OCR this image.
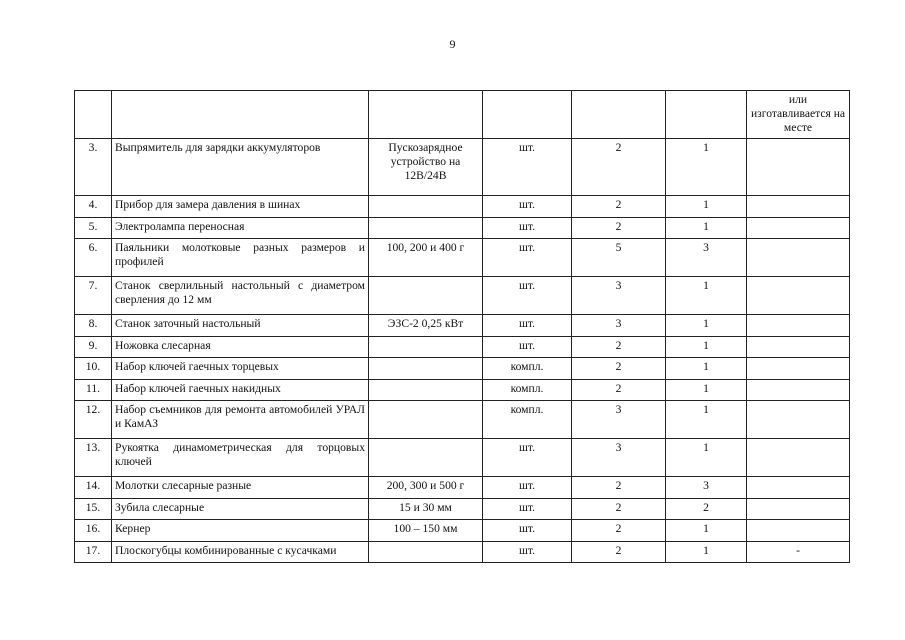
9
						или изготавливается на месте
3.	Выпрямитель для зарядки аккумуляторов	Пускозарядное устройство на 12В/24В	шт.	2	1	
4.	Прибор для замера давления в шинах		шт.	2	1	
5.	Электролампа переносная		шт.	2	1	
6.	Паяльники молотковые разных размеров и профилей	100, 200 и 400 г	шт.	5	3	
7.	Станок сверлильный настольный с диаметром сверления до 12 мм		шт.	3	1	
8.	Станок заточный настольный	ЭЗС-2 0,25 кВт	шт.	3	1	
9.	Ножовка слесарная		шт.	2	1	
10.	Набор ключей гаечных торцевых		компл.	2	1	
11.	Набор ключей гаечных накидных		компл.	2	1	
12.	Набор съемников для ремонта автомобилей УРАЛ и КамАЗ		компл.	3	1	
13.	Рукоятка динамометрическая для торцовых ключей		шт.	3	1	
14.	Молотки слесарные разные	200, 300 и 500 г	шт.	2	3	
15.	Зубила слесарные	15 и 30 мм	шт.	2	2	
16.	Кернер	100 – 150 мм	шт.	2	1	
17.	Плоскогубцы комбинированные с кусачками		шт.	2	1	-
